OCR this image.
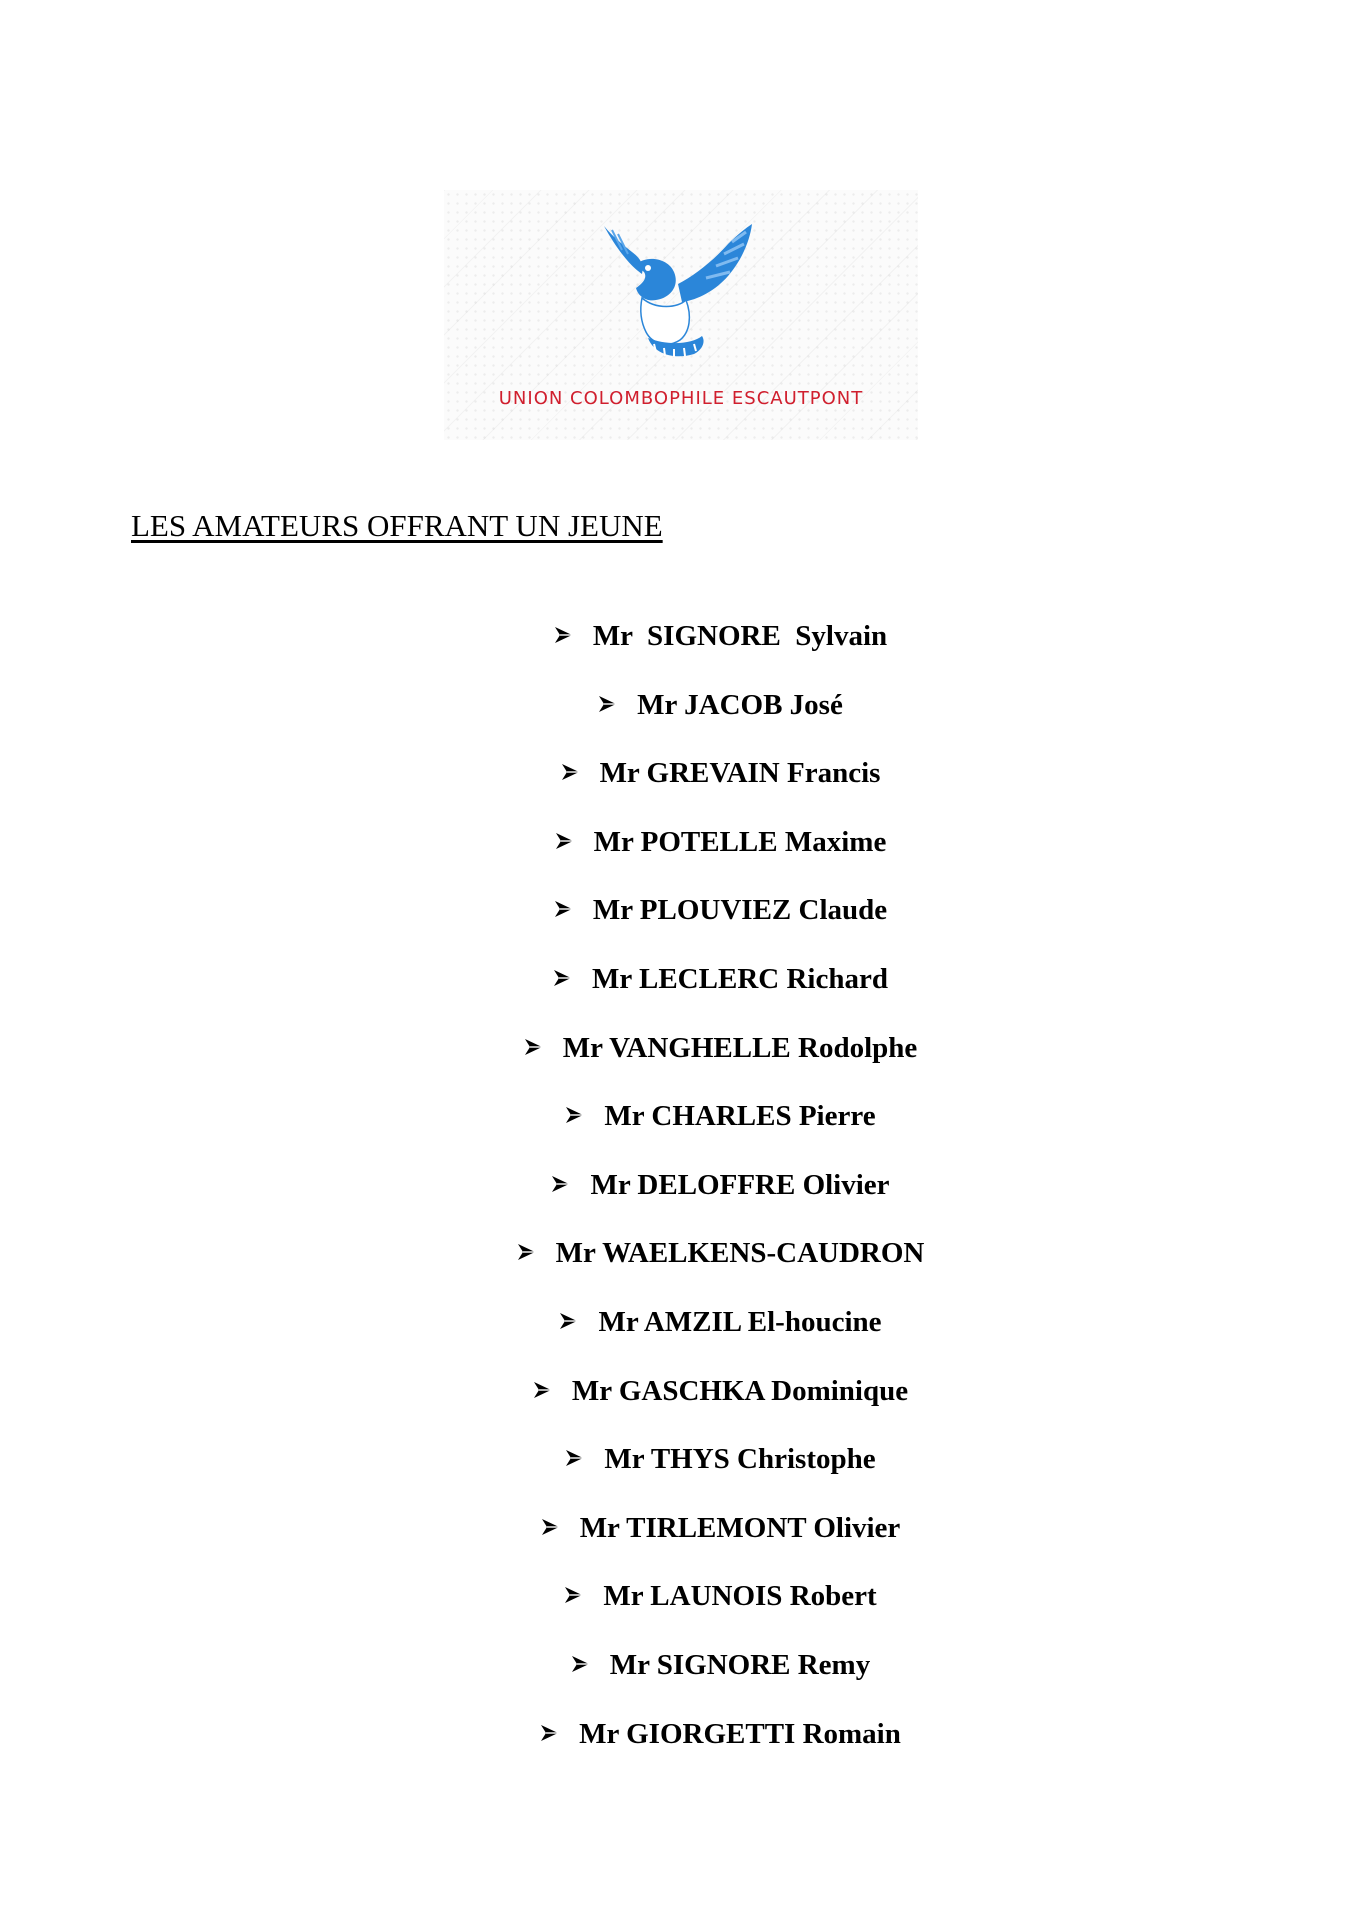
UNION COLOMBOPHILE ESCAUTPONT
LES AMATEURS OFFRANT UN JEUNE
Mr  SIGNORE  Sylvain
Mr JACOB José
Mr GREVAIN Francis
Mr POTELLE Maxime
Mr PLOUVIEZ Claude
Mr LECLERC Richard
Mr VANGHELLE Rodolphe
Mr CHARLES Pierre
Mr DELOFFRE Olivier
Mr WAELKENS-CAUDRON
Mr AMZIL El-houcine
Mr GASCHKA Dominique
Mr THYS Christophe
Mr TIRLEMONT Olivier
Mr LAUNOIS Robert
Mr SIGNORE Remy
Mr GIORGETTI Romain
